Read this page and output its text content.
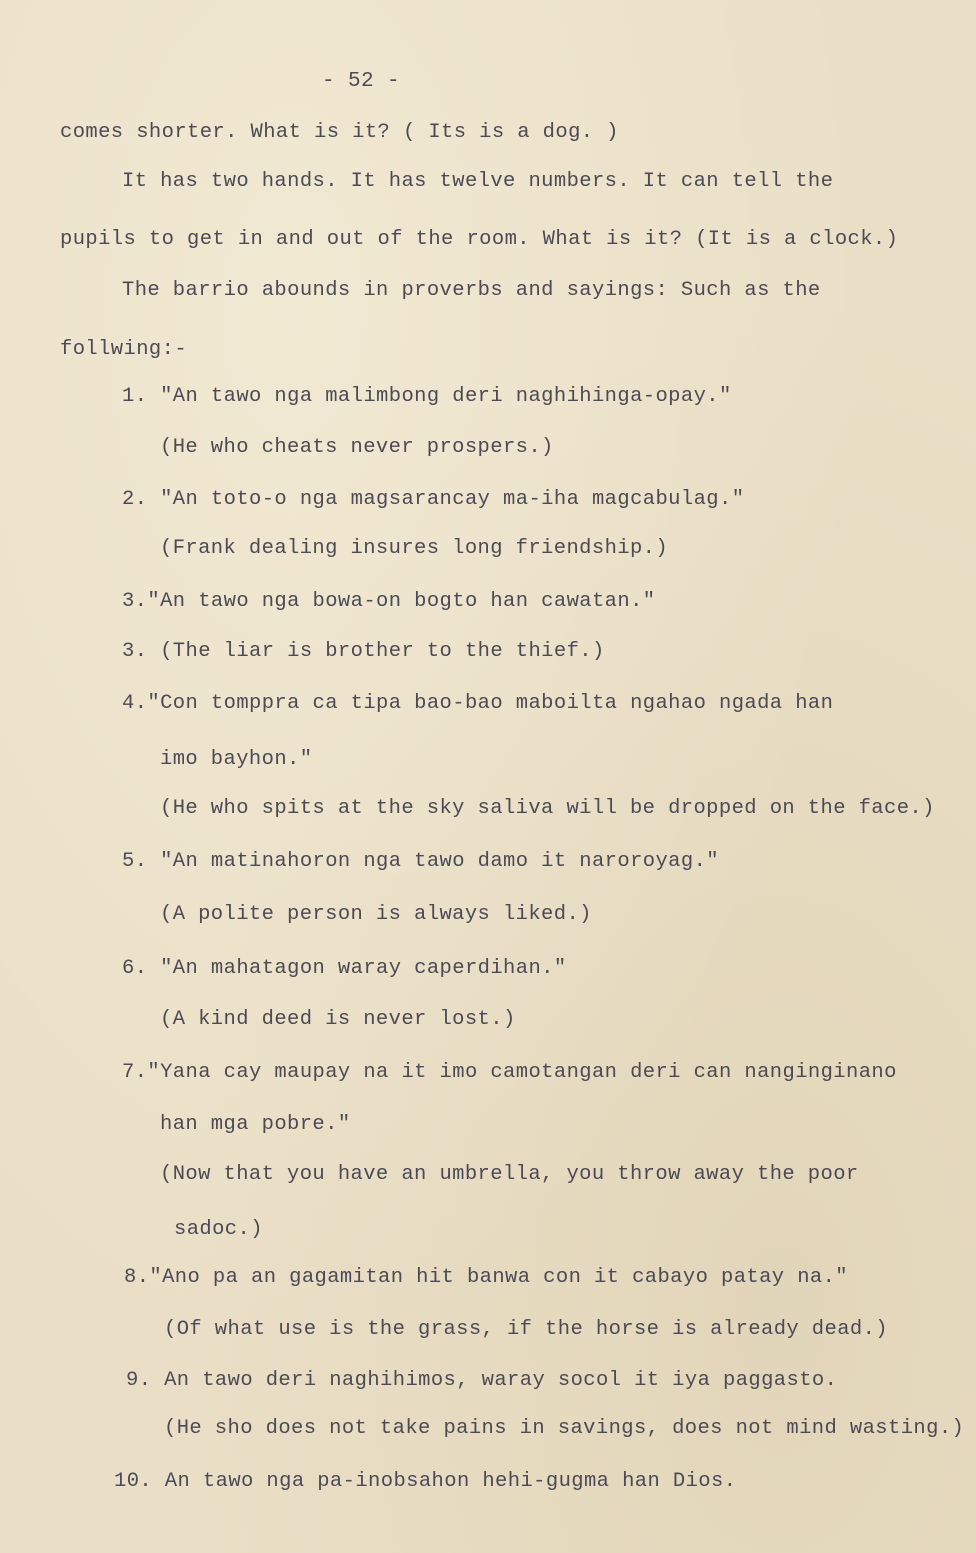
- 52 -
comes shorter. What is it? ( Its is a dog. )
It has two hands. It has twelve numbers. It can tell the
pupils to get in and out of the room. What is it? (It is a clock.)
The barrio abounds in proverbs and sayings: Such as the
follwing:-
1. "An tawo nga malimbong deri naghihinga-opay."
(He who cheats never prospers.)
2. "An toto-o nga magsarancay ma-iha magcabulag."
(Frank dealing insures long friendship.)
3."An tawo nga bowa-on bogto han cawatan."
3. (The liar is brother to the thief.)
4."Con tomppra ca tipa bao-bao maboilta ngahao ngada han
imo bayhon."
(He who spits at the sky saliva will be dropped on the face.)
5. "An matinahoron nga tawo damo it naroroyag."
(A polite person is always liked.)
6. "An mahatagon waray caperdihan."
(A kind deed is never lost.)
7."Yana cay maupay na it imo camotangan deri can nanginginano
han mga pobre."
(Now that you have an umbrella, you throw away the poor
sadoc.)
8."Ano pa an gagamitan hit banwa con it cabayo patay na."
(Of what use is the grass, if the horse is already dead.)
9. An tawo deri naghihimos, waray socol it iya paggasto.
(He sho does not take pains in savings, does not mind wasting.)
10. An tawo nga pa-inobsahon hehi-gugma han Dios.
